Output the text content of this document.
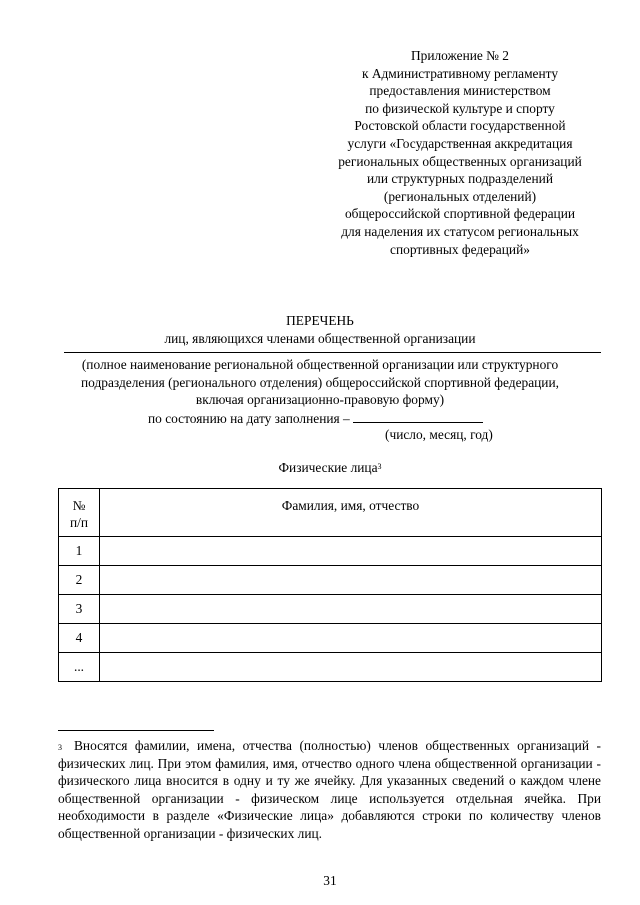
Приложение № 2
к Административному регламенту
предоставления министерством
по физической культуре и спорту
Ростовской области государственной
услуги «Государственная аккредитация
региональных общественных организаций
или структурных подразделений
(региональных отделений)
общероссийской спортивной федерации
для наделения их статусом региональных
спортивных федераций»
ПЕРЕЧЕНЬ
лиц, являющихся членами общественной организации
(полное наименование региональной общественной организации или структурного
подразделения (регионального отделения) общероссийской спортивной федерации,
включая организационно-правовую форму)
по состоянию на дату заполнения –
(число, месяц, год)
Физические лица$^3$
№
п/п	Фамилия, имя, отчество
1	
2	
3	
4	
...	
$^3$ Вносятся фамилии, имена, отчества (полностью) членов общественных организаций - физических лиц. При этом фамилия, имя, отчество одного члена общественной организации - физического лица вносится в одну и ту же ячейку. Для указанных сведений о каждом члене общественной организации - физическом лице используется отдельная ячейка. При необходимости в разделе «Физические лица» добавляются строки по количеству членов общественной организации - физических лиц.
31
